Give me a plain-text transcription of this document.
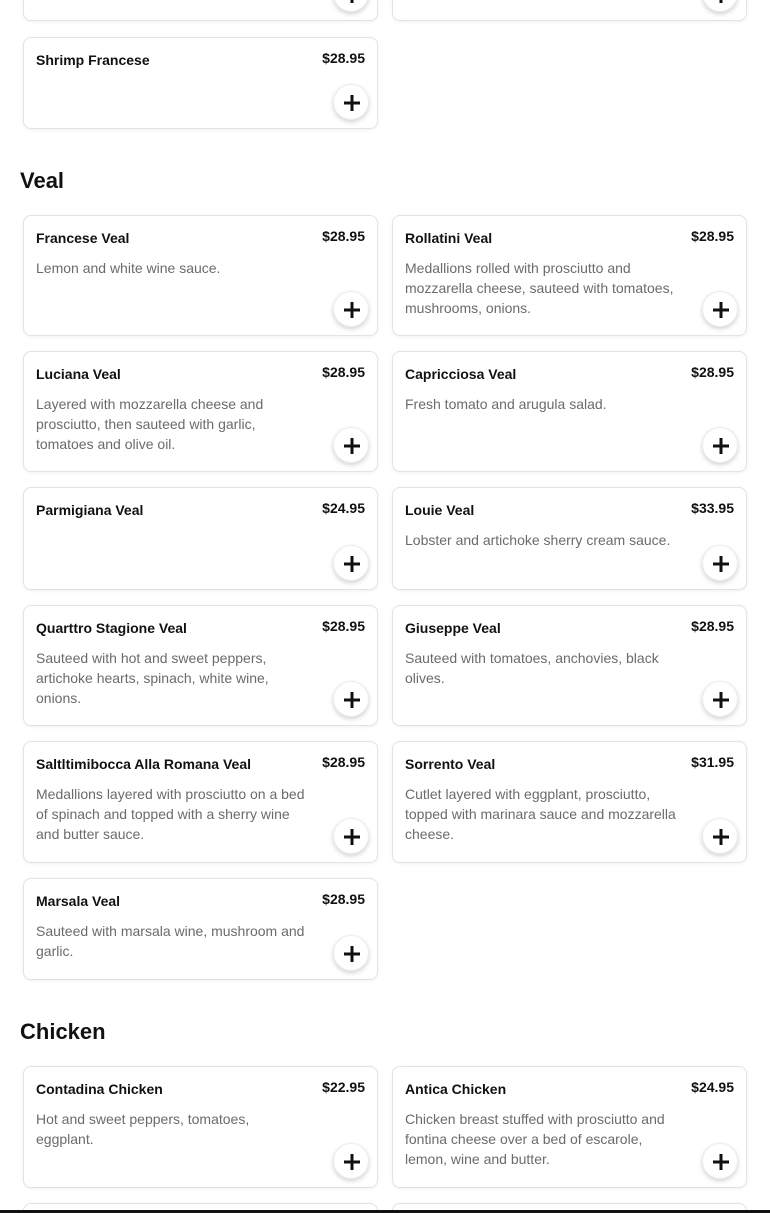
Shrimp Francese	$28.95
Veal
Francese Veal	$28.95
Lemon and white wine sauce.
Rollatini Veal	$28.95
Medallions rolled with prosciutto and mozzarella cheese, sauteed with tomatoes, mushrooms, onions.
Luciana Veal	$28.95
Layered with mozzarella cheese and prosciutto, then sauteed with garlic, tomatoes and olive oil.
Capricciosa Veal	$28.95
Fresh tomato and arugula salad.
Parmigiana Veal	$24.95	Louie Veal	$33.95
Lobster and artichoke sherry cream sauce.
Quarttro Stagione Veal	$28.95
Sauteed with hot and sweet peppers, artichoke hearts, spinach, white wine, onions.
Giuseppe Veal	$28.95
Sauteed with tomatoes, anchovies, black olives.
Saltltimibocca Alla Romana Veal	$28.95
Medallions layered with prosciutto on a bed of spinach and topped with a sherry wine and butter sauce.
Sorrento Veal	$31.95
Cutlet layered with eggplant, prosciutto, topped with marinara sauce and mozzarella cheese.
Marsala Veal	$28.95
Sauteed with marsala wine, mushroom and garlic.
Chicken
Contadina Chicken	$22.95
Hot and sweet peppers, tomatoes, eggplant.
Antica Chicken	$24.95
Chicken breast stuffed with prosciutto and fontina cheese over a bed of escarole, lemon, wine and butter.
